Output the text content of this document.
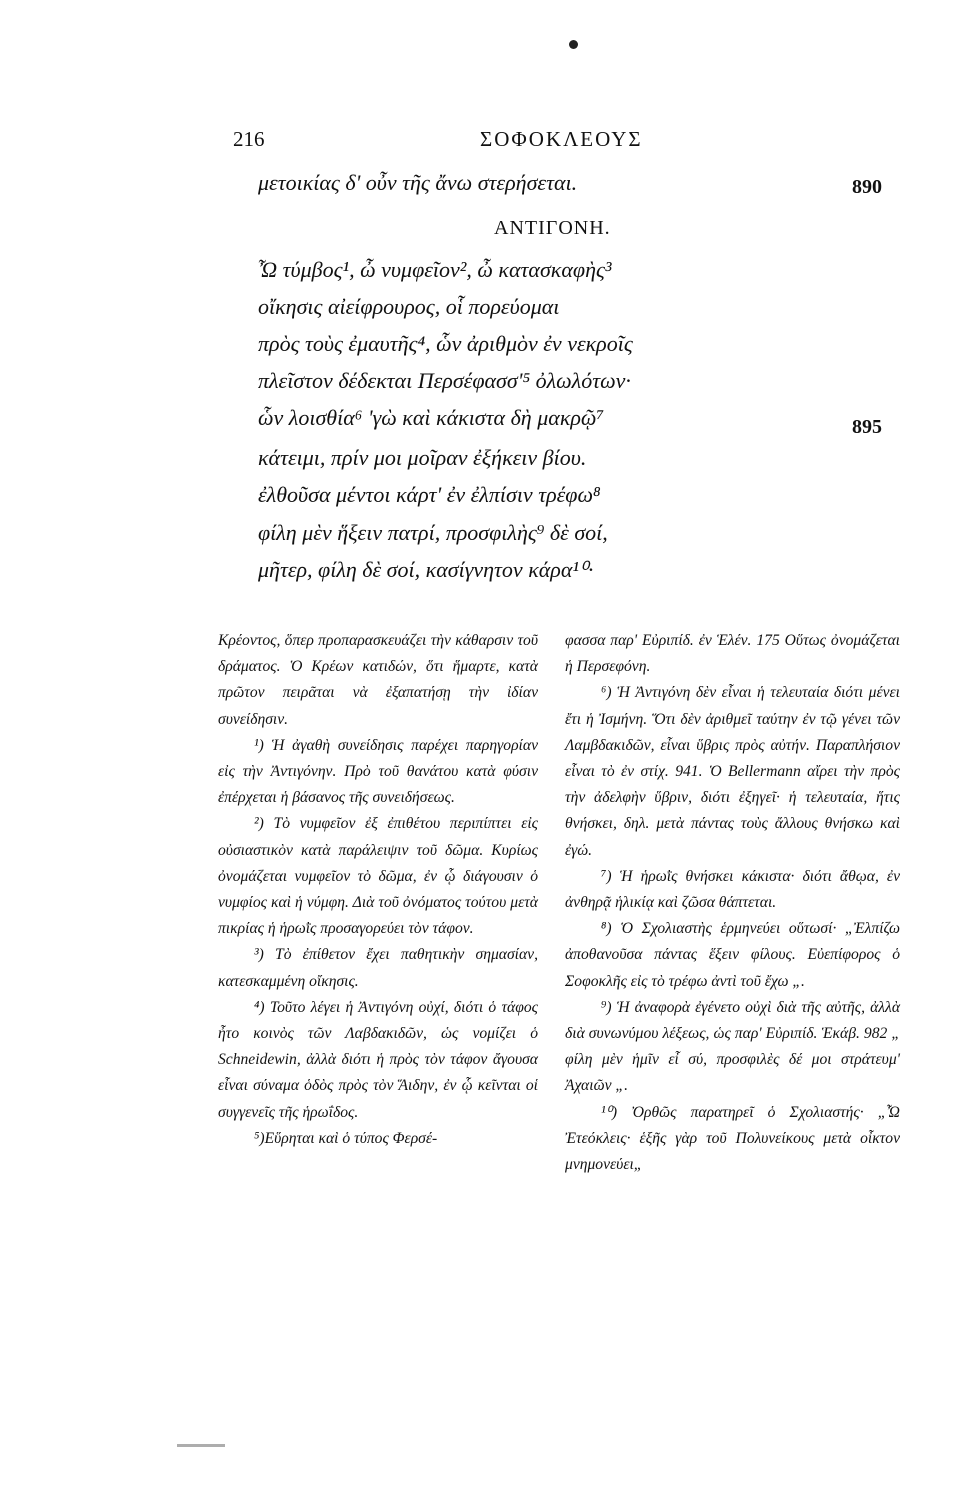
216	ΣΟΦΟΚΛΕΟΥΣ
μετοικίας δ' οὖν τῆς ἄνω στερήσεται.	890
ΑΝΤΙΓΟΝΗ.
Ὦ τύμβος¹, ὦ νυμφεῖον², ὦ κατασκαφὴς³
οἴκησις αἰείφρουρος, οἷ πορεύομαι
πρὸς τοὺς ἐμαυτῆς⁴, ὧν ἀριθμὸν ἐν νεκροῖς
πλεῖστον δέδεκται Περσέφασσ'⁵ ὀλωλότων·
ὧν λοισθία⁶ 'γὼ καὶ κάκιστα δὴ μακρῷ⁷	895
κάτειμι, πρίν μοι μοῖραν ἐξήκειν βίου.
ἐλθοῦσα μέντοι κάρτ' ἐν ἐλπίσιν τρέφω⁸
φίλη μὲν ἥξειν πατρί, προσφιλὴς⁹ δὲ σοί,
μῆτερ, φίλη δὲ σοί, κασίγνητον κάρα¹⁰·

Κρέοντος, ὅπερ προπαρασκευάζει τὴν κάθαρσιν τοῦ δράματος. Ὁ Κρέων κατιδών, ὅτι ἥμαρτε, κατὰ πρῶτον πειρᾶται νὰ ἐξαπατήσῃ τὴν ἰδίαν συνείδησιν.

¹) Ἡ ἀγαθὴ συνείδησις παρέχει παρηγορίαν εἰς τὴν Ἀντιγόνην. Πρὸ τοῦ θανάτου κατὰ φύσιν ἐπέρχεται ἡ βάσανος τῆς συνειδήσεως.

²) Τὸ νυμφεῖον ἐξ ἐπιθέτου περιπίπτει εἰς οὐσιαστικὸν κατὰ παράλειψιν τοῦ δῶμα. Κυρίως ὀνομάζεται νυμφεῖον τὸ δῶμα, ἐν ᾧ διάγουσιν ὁ νυμφίος καὶ ἡ νύμφη. Διὰ τοῦ ὀνόματος τούτου μετὰ πικρίας ἡ ἡρωῒς προσαγορεύει τὸν τάφον.

³) Τὸ ἐπίθετον ἔχει παθητικὴν σημασίαν, κατεσκαμμένη οἴκησις.

⁴) Τοῦτο λέγει ἡ Ἀντιγόνη οὐχί, διότι ὁ τάφος ἦτο κοινὸς τῶν Λαβδακιδῶν, ὡς νομίζει ὁ Schneidewin, ἀλλὰ διότι ἡ πρὸς τὸν τάφον ἄγουσα εἶναι σύναμα ὁδὸς πρὸς τὸν Ἅιδην, ἐν ᾧ κεῖνται οἱ συγγενεῖς τῆς ἡρωΐδος.

⁵)Εὕρηται καὶ ὁ τύπος Φερσέ-

φασσα παρ' Εὐριπίδ. ἐν Ἑλέν. 175 Οὕτως ὀνομάζεται ἡ Περσεφόνη.

⁶) Ἡ Ἀντιγόνη δὲν εἶναι ἡ τελευταία διότι μένει ἔτι ἡ Ἰσμήνη. Ὅτι δὲν ἀριθμεῖ ταύτην ἐν τῷ γένει τῶν Λαμβδακιδῶν, εἶναι ὕβρις πρὸς αὐτήν. Παραπλήσιον εἶναι τὸ ἐν στίχ. 941. Ὁ Bellermann αἴρει τὴν πρὸς τὴν ἀδελφὴν ὕβριν, διότι ἐξηγεῖ· ἡ τελευταία, ἥτις θνήσκει, δηλ. μετὰ πάντας τοὺς ἄλλους θνήσκω καὶ ἐγώ.

⁷) Ἡ ἡρωῒς θνήσκει κάκιστα· διότι ἄθῳα, ἐν ἀνθηρᾷ ἡλικίᾳ καὶ ζῶσα θάπτεται.

⁸) Ὁ Σχολιαστὴς ἑρμηνεύει οὕτωσί· „Ἐλπίζω ἀποθανοῦσα πάντας ἕξειν φίλους. Εὐεπίφορος ὁ Σοφοκλῆς εἰς τὸ τρέφω ἀντὶ τοῦ ἔχω „.

⁹) Ἡ ἀναφορὰ ἐγένετο οὐχὶ διὰ τῆς αὐτῆς, ἀλλὰ διὰ συνωνύμου λέξεως, ὡς παρ' Εὐριπίδ. Ἑκάβ. 982 „ φίλη μὲν ἡμῖν εἶ σύ, προσφιλὲς δέ μοι στράτευμ' Ἀχαιῶν „.

¹⁰) Ὀρθῶς παρατηρεῖ ὁ Σχολιαστής· „Ὦ Ἐτεόκλεις· ἑξῆς γὰρ τοῦ Πολυνείκους μετὰ οἶκτον μνημονεύει„
